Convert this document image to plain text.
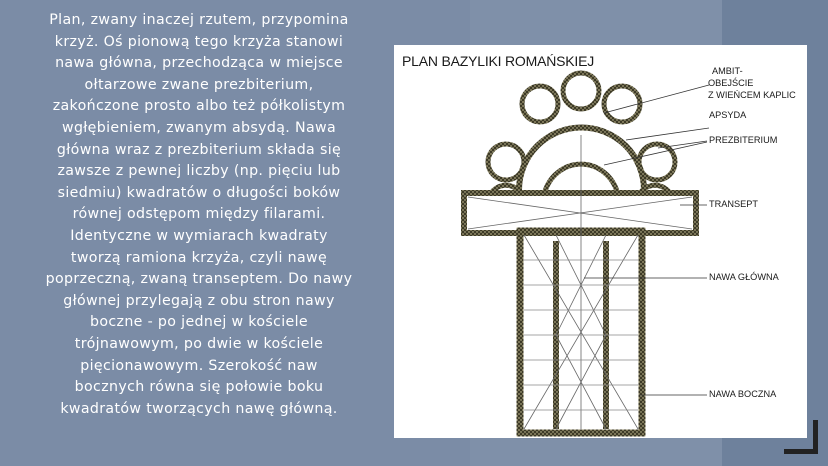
Plan, zwany inaczej rzutem, przypomina
krzyż. Oś pionową tego krzyża stanowi
nawa główna, przechodząca w miejsce
ołtarzowe zwane prezbiterium,
zakończone prosto albo też półkolistym
wgłębieniem, zwanym absydą. Nawa
główna wraz z prezbiterium składa się
zawsze z pewnej liczby (np. pięciu lub
siedmiu) kwadratów o długości boków
równej odstępom między filarami.
Identyczne w wymiarach kwadraty
tworzą ramiona krzyża, czyli nawę
poprzeczną, zwaną transeptem. Do nawy
głównej przylegają z obu stron nawy
boczne - po jednej w kościele
trójnawowym, po dwie w kościele
pięcionawowym. Szerokość naw
bocznych równa się połowie boku
kwadratów tworzących nawę główną.

PLAN BAZYLIKI ROMAŃSKIEJ

AMBIT-
OBEJŚCIE
Z WIEŃCEM KAPLIC
APSYDA
PREZBITERIUM
TRANSEPT
NAWA GŁÓWNA
NAWA BOCZNA
